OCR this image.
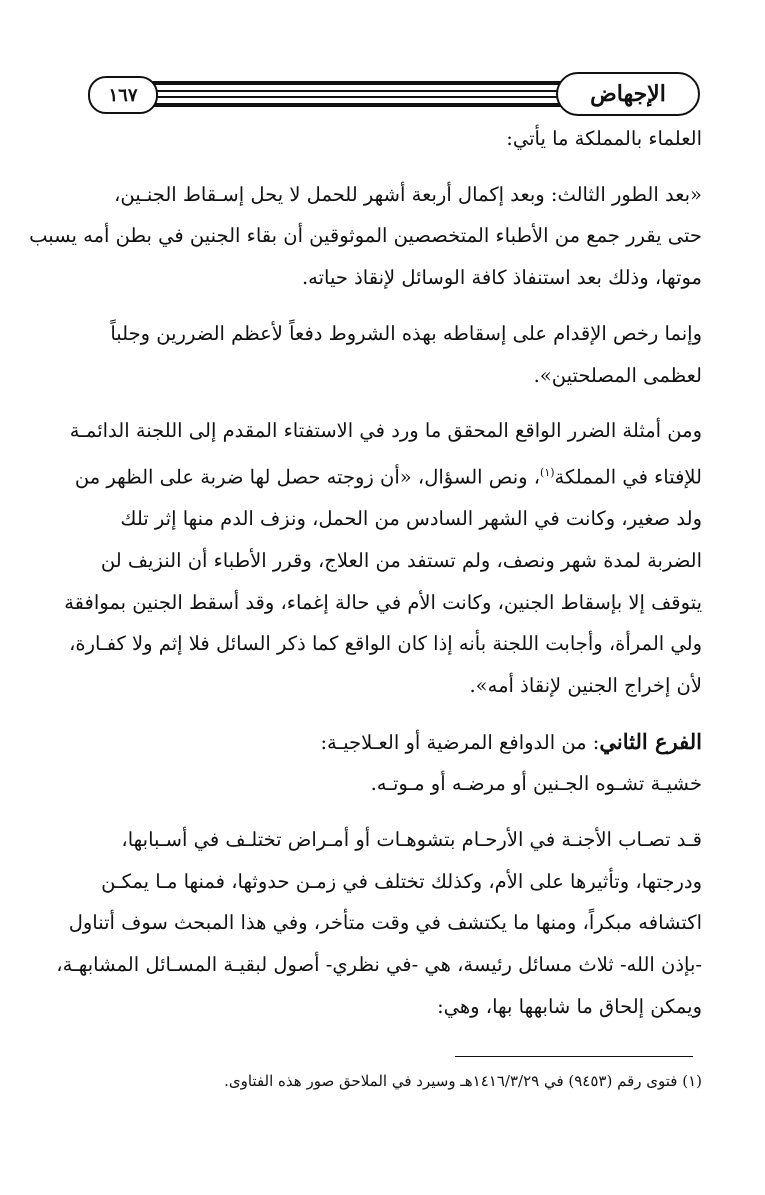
١٦٧	الإجهاض
العلماء بالمملكة ما يأتي:
«بعد الطور الثالث: وبعد إكمال أربعة أشهر للحمل لا يحل إسـقاط الجنـين،
حتى يقرر جمع من الأطباء المتخصصين الموثوقين أن بقاء الجنين في بطن أمه يسبب
موتها، وذلك بعد استنفاذ كافة الوسائل لإنقاذ حياته.
وإنما رخص الإقدام على إسقاطه بهذه الشروط دفعاً لأعظم الضررين وجلباً
لعظمى المصلحتين».
ومن أمثلة الضرر الواقع المحقق ما ورد في الاستفتاء المقدم إلى اللجنة الدائمـة
للإفتاء في المملكة$^{(١)}$، ونص السؤال، «أن زوجته حصل لها ضربة على الظهر من
ولد صغير، وكانت في الشهر السادس من الحمل، ونزف الدم منها إثر تلك
الضربة لمدة شهر ونصف، ولم تستفد من العلاج، وقرر الأطباء أن النزيف لن
يتوقف إلا بإسقاط الجنين، وكانت الأم في حالة إغماء، وقد أسقط الجنين بموافقة
ولي المرأة، وأجابت اللجنة بأنه إذا كان الواقع كما ذكر السائل فلا إثم ولا كفـارة،
لأن إخراج الجنين لإنقاذ أمه».
الفرع الثاني: من الدوافع المرضية أو العـلاجيـة:
خشيـة تشـوه الجـنين أو مرضـه أو مـوتـه.
قـد تصـاب الأجنـة في الأرحـام بتشوهـات أو أمـراض تختلـف في أسـبابها،
ودرجتها، وتأثيرها على الأم، وكذلك تختلف في زمـن حدوثها، فمنها مـا يمكـن
اكتشافه مبكراً، ومنها ما يكتشف في وقت متأخر، وفي هذا المبحث سوف أتناول
-بإذن الله- ثلاث مسائل رئيسة، هي -في نظري- أصول لبقيـة المسـائل المشابهـة،
ويمكن إلحاق ما شابهها بها، وهي:
(١) فتوى رقم (٩٤٥٣) في ١٤١٦/٣/٢٩هـ وسيرد في الملاحق صور هذه الفتاوى.
